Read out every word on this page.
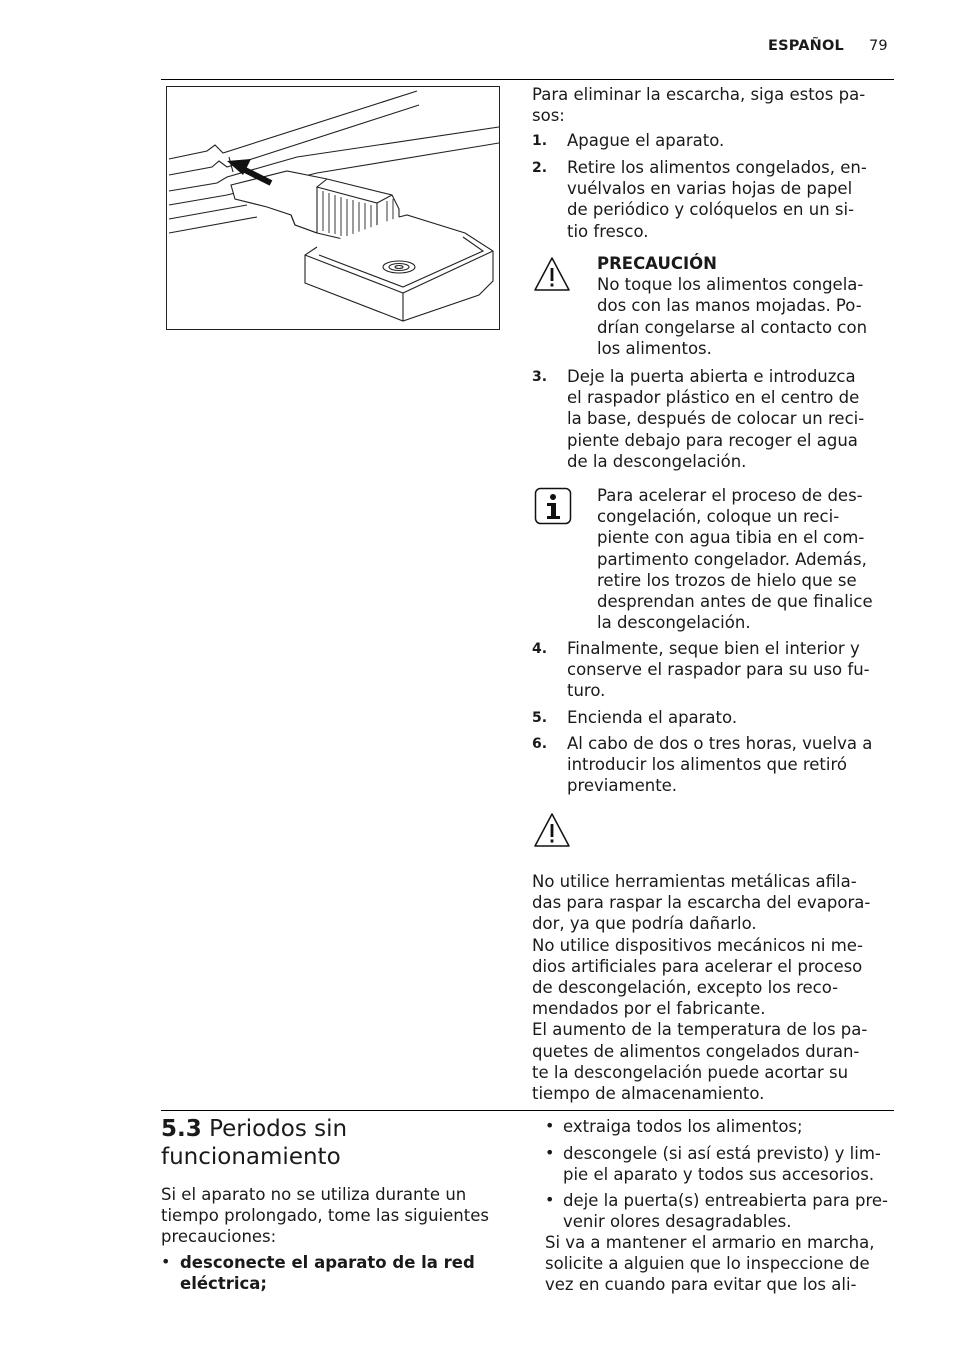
ESPAÑOL 79
Para eliminar la escarcha, siga estos pa-
sos:
1. Apague el aparato.
2. Retire los alimentos congelados, en-
vuélvalos en varias hojas de papel
de periódico y colóquelos en un si-
tio fresco.
PRECAUCIÓN
No toque los alimentos congela-
dos con las manos mojadas. Po-
drían congelarse al contacto con
los alimentos.
3. Deje la puerta abierta e introduzca
el raspador plástico en el centro de
la base, después de colocar un reci-
piente debajo para recoger el agua
de la descongelación.
Para acelerar el proceso de des-
congelación, coloque un reci-
piente con agua tibia en el com-
partimento congelador. Además,
retire los trozos de hielo que se
desprendan antes de que finalice
la descongelación.
4. Finalmente, seque bien el interior y
conserve el raspador para su uso fu-
turo.
5. Encienda el aparato.
6. Al cabo de dos o tres horas, vuelva a
introducir los alimentos que retiró
previamente.
No utilice herramientas metálicas afila-
das para raspar la escarcha del evapora-
dor, ya que podría dañarlo.
No utilice dispositivos mecánicos ni me-
dios artificiales para acelerar el proceso
de descongelación, excepto los reco-
mendados por el fabricante.
El aumento de la temperatura de los pa-
quetes de alimentos congelados duran-
te la descongelación puede acortar su
tiempo de almacenamiento.
5.3 Periodos sin
funcionamiento
Si el aparato no se utiliza durante un
tiempo prolongado, tome las siguientes
precauciones:
• desconecte el aparato de la red
eléctrica;
• extraiga todos los alimentos;
• descongele (si así está previsto) y lim-
pie el aparato y todos sus accesorios.
• deje la puerta(s) entreabierta para pre-
venir olores desagradables.
Si va a mantener el armario en marcha,
solicite a alguien que lo inspeccione de
vez en cuando para evitar que los ali-
